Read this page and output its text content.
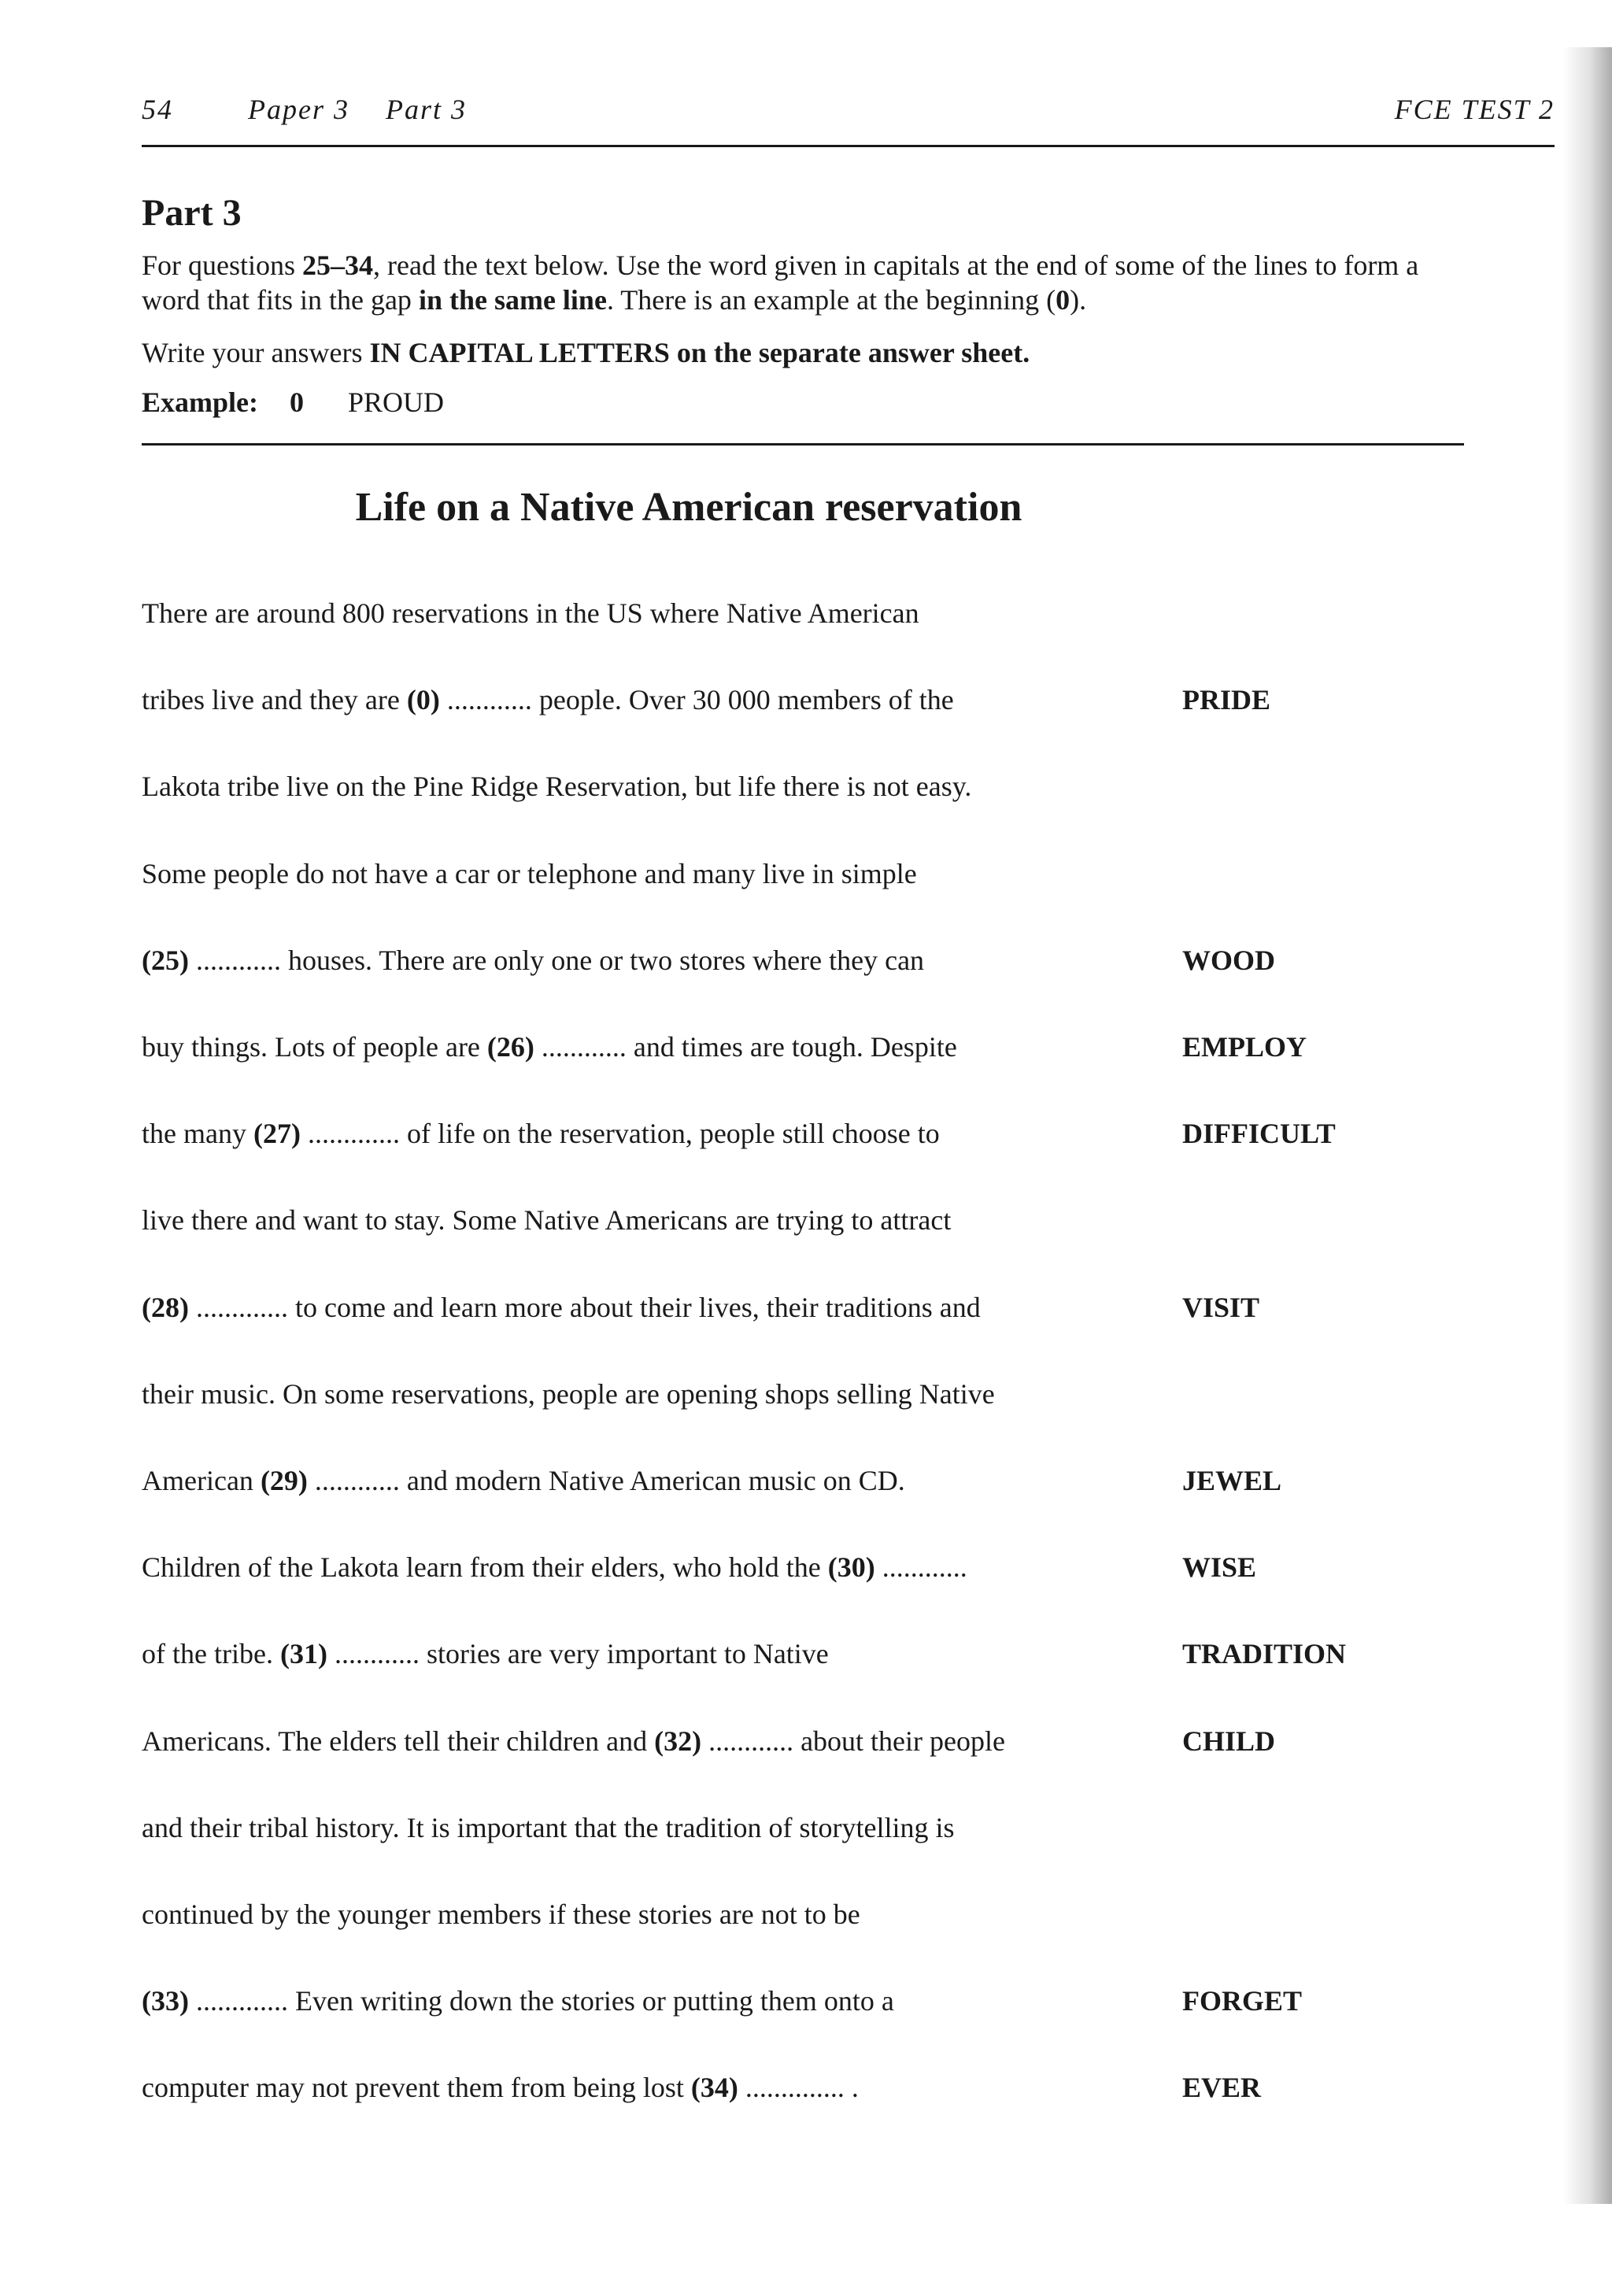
54	Paper 3 Part 3	FCE TEST 2
Part 3

For questions 25–34, read the text below. Use the word given in capitals at the end of some of the lines to form a word that fits in the gap in the same line. There is an example at the beginning (0).

Write your answers IN CAPITAL LETTERS on the separate answer sheet.

Example: 0 PROUD
Life on a Native American reservation
There are around 800 reservations in the US where Native American
tribes live and they are (0) ............ people. Over 30 000 members of the	PRIDE
Lakota tribe live on the Pine Ridge Reservation, but life there is not easy.
Some people do not have a car or telephone and many live in simple
(25) ............ houses. There are only one or two stores where they can	WOOD
buy things. Lots of people are (26) ............ and times are tough. Despite	EMPLOY
the many (27) ............. of life on the reservation, people still choose to	DIFFICULT
live there and want to stay. Some Native Americans are trying to attract
(28) ............. to come and learn more about their lives, their traditions and	VISIT
their music. On some reservations, people are opening shops selling Native
American (29) ............ and modern Native American music on CD.	JEWEL
Children of the Lakota learn from their elders, who hold the (30) ............	WISE
of the tribe. (31) ............ stories are very important to Native	TRADITION
Americans. The elders tell their children and (32) ............ about their people	CHILD
and their tribal history. It is important that the tradition of storytelling is
continued by the younger members if these stories are not to be
(33) ............. Even writing down the stories or putting them onto a	FORGET
computer may not prevent them from being lost (34) .............. .	EVER
